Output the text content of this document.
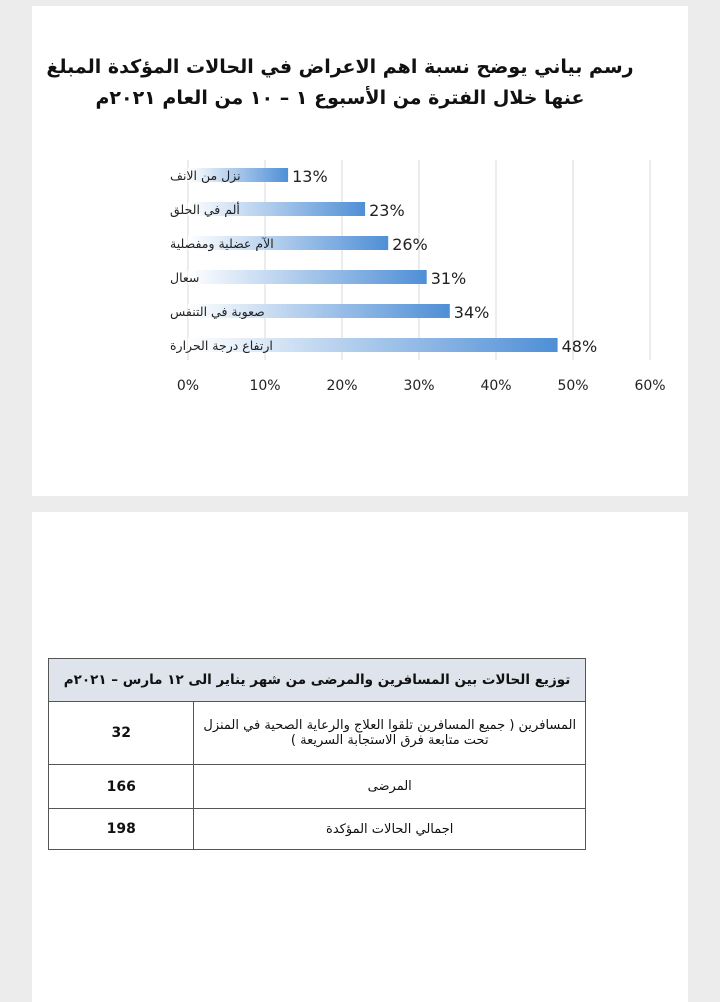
رسم بياني يوضح نسبة اهم الاعراض في الحالات المؤكدة المبلغ
عنها خلال الفترة من الأسبوع ١ – ١٠ من العام ٢٠٢١م
0%	10%	20%	30%	40%	50%	60%
نزل من الانف	13%
ألم في الحلق	23%
الآم عضلية ومفصلية	26%
سعال	31%
صعوبة في التنفس	34%
ارتفاع درجة الحرارة	48%
توزيع الحالات بين المسافرين والمرضى من شهر يناير الى ١٢ مارس – ٢٠٢١م	
المسافرين ( جميع المسافرين تلقوا العلاج والرعاية الصحية في المنزل تحت متابعة فرق الاستجابة السريعة )	32
المرضى	166
اجمالي الحالات المؤكدة	198
